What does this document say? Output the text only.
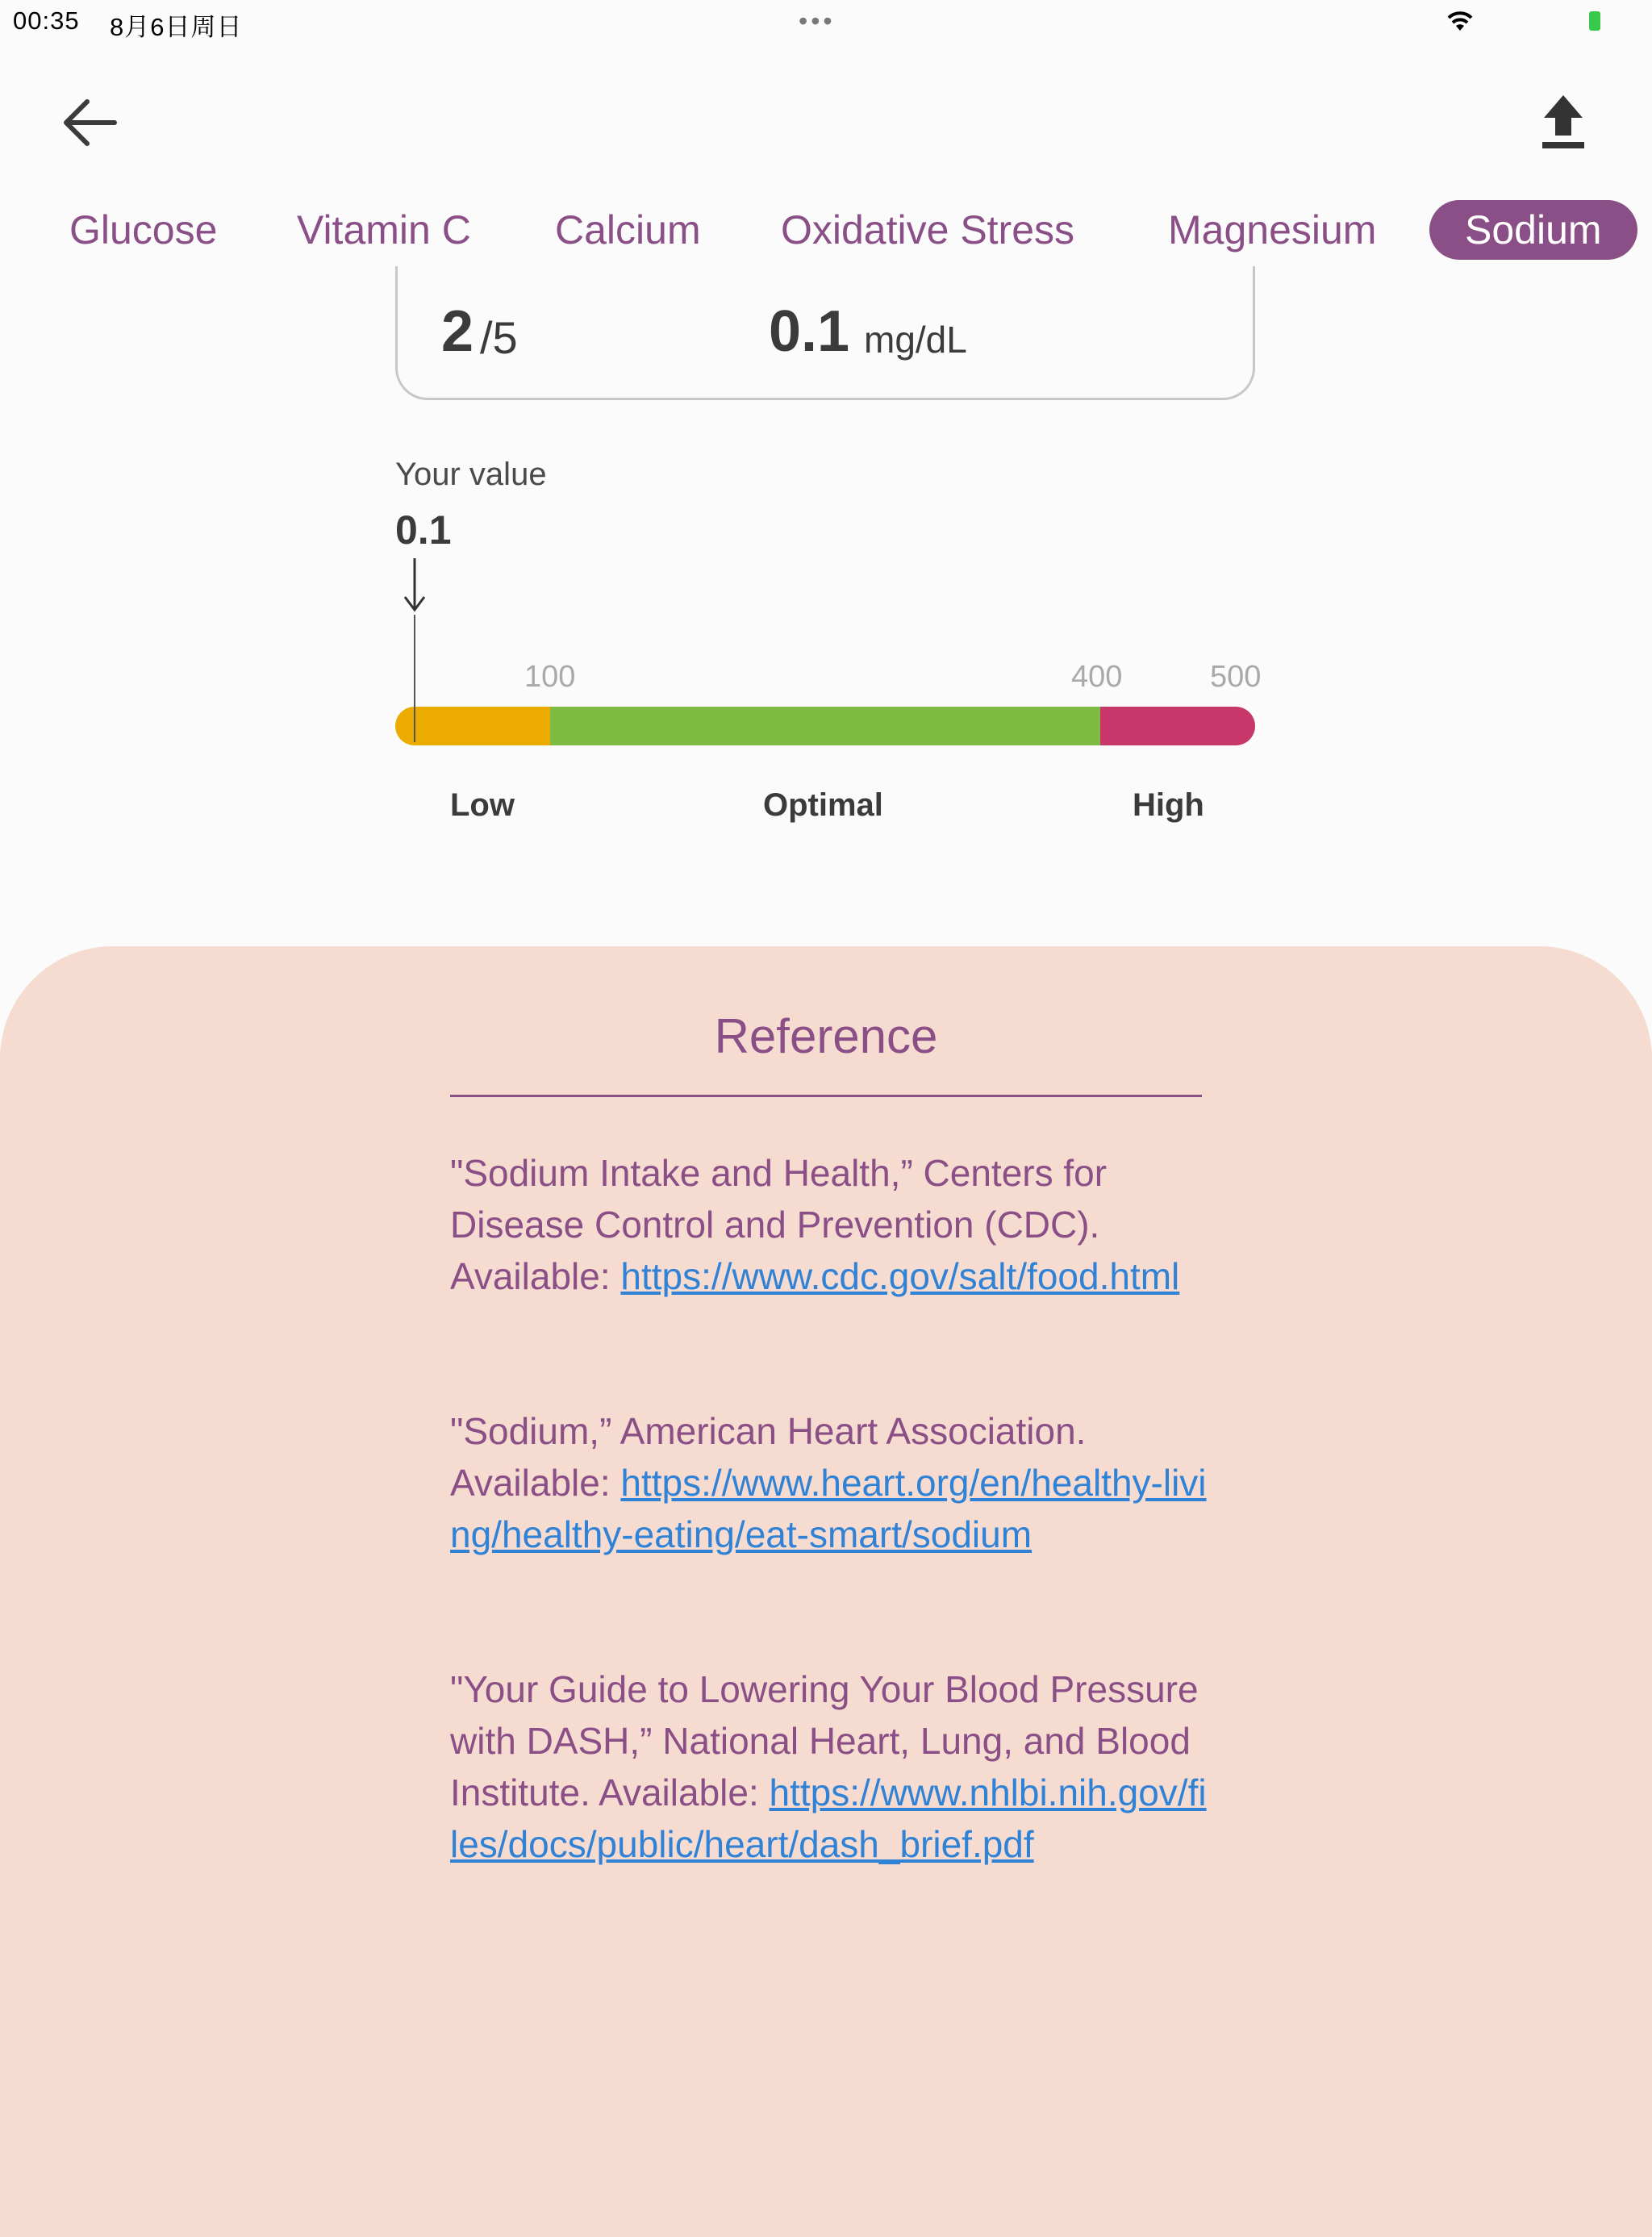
00:35 8月6日周日	•••
Glucose Vitamin C Calcium Oxidative Stress Magnesium	Sodium
2 /5	0.1 mg/dL
Your value
0.1
100	400	500
Low	Optimal	High
Reference
"Sodium Intake and Health,” Centers for Disease Control and Prevention (CDC). Available: https://www.cdc.gov/salt/food.html
"Sodium,” American Heart Association. Available: https://www.heart.org/en/healthy-living/healthy-eating/eat-smart/sodium
"Your Guide to Lowering Your Blood Pressure with DASH,” National Heart, Lung, and Blood Institute. Available: https://www.nhlbi.nih.gov/files/docs/public/heart/dash_brief.pdf
